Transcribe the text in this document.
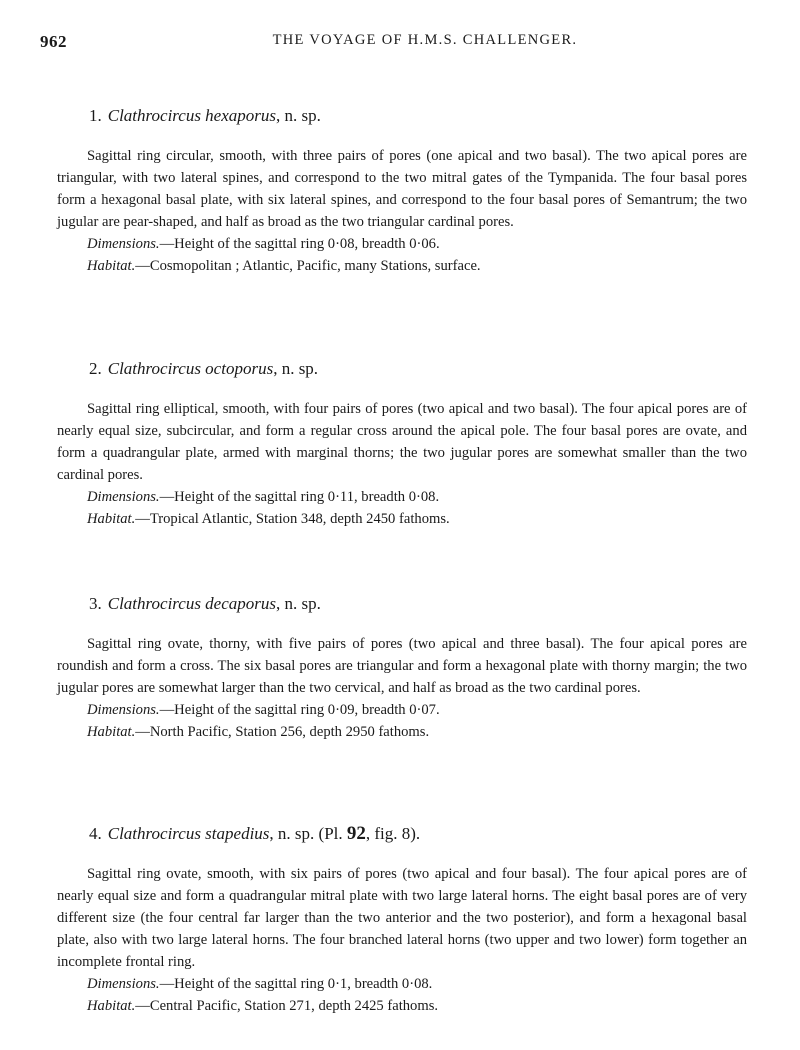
962	THE VOYAGE OF H.M.S. CHALLENGER.
1. Clathrocircus hexaporus, n. sp.

Sagittal ring circular, smooth, with three pairs of pores (one apical and two basal). The two apical pores are triangular, with two lateral spines, and correspond to the two mitral gates of the Tympanida. The four basal pores form a hexagonal basal plate, with six lateral spines, and correspond to the four basal pores of Semantrum; the two jugular are pear-shaped, and half as broad as the two triangular cardinal pores.

Dimensions.—Height of the sagittal ring 0·08, breadth 0·06.

Habitat.—Cosmopolitan ; Atlantic, Pacific, many Stations, surface.

2. Clathrocircus octoporus, n. sp.

Sagittal ring elliptical, smooth, with four pairs of pores (two apical and two basal). The four apical pores are of nearly equal size, subcircular, and form a regular cross around the apical pole. The four basal pores are ovate, and form a quadrangular plate, armed with marginal thorns; the two jugular pores are somewhat smaller than the two cardinal pores.

Dimensions.—Height of the sagittal ring 0·11, breadth 0·08.

Habitat.—Tropical Atlantic, Station 348, depth 2450 fathoms.

3. Clathrocircus decaporus, n. sp.

Sagittal ring ovate, thorny, with five pairs of pores (two apical and three basal). The four apical pores are roundish and form a cross. The six basal pores are triangular and form a hexagonal plate with thorny margin; the two jugular pores are somewhat larger than the two cervical, and half as broad as the two cardinal pores.

Dimensions.—Height of the sagittal ring 0·09, breadth 0·07.

Habitat.—North Pacific, Station 256, depth 2950 fathoms.

4. Clathrocircus stapedius, n. sp. (Pl. 92, fig. 8).

Sagittal ring ovate, smooth, with six pairs of pores (two apical and four basal). The four apical pores are of nearly equal size and form a quadrangular mitral plate with two large lateral horns. The eight basal pores are of very different size (the four central far larger than the two anterior and the two posterior), and form a hexagonal basal plate, also with two large lateral horns. The four branched lateral horns (two upper and two lower) form together an incomplete frontal ring.

Dimensions.—Height of the sagittal ring 0·1, breadth 0·08.

Habitat.—Central Pacific, Station 271, depth 2425 fathoms.
